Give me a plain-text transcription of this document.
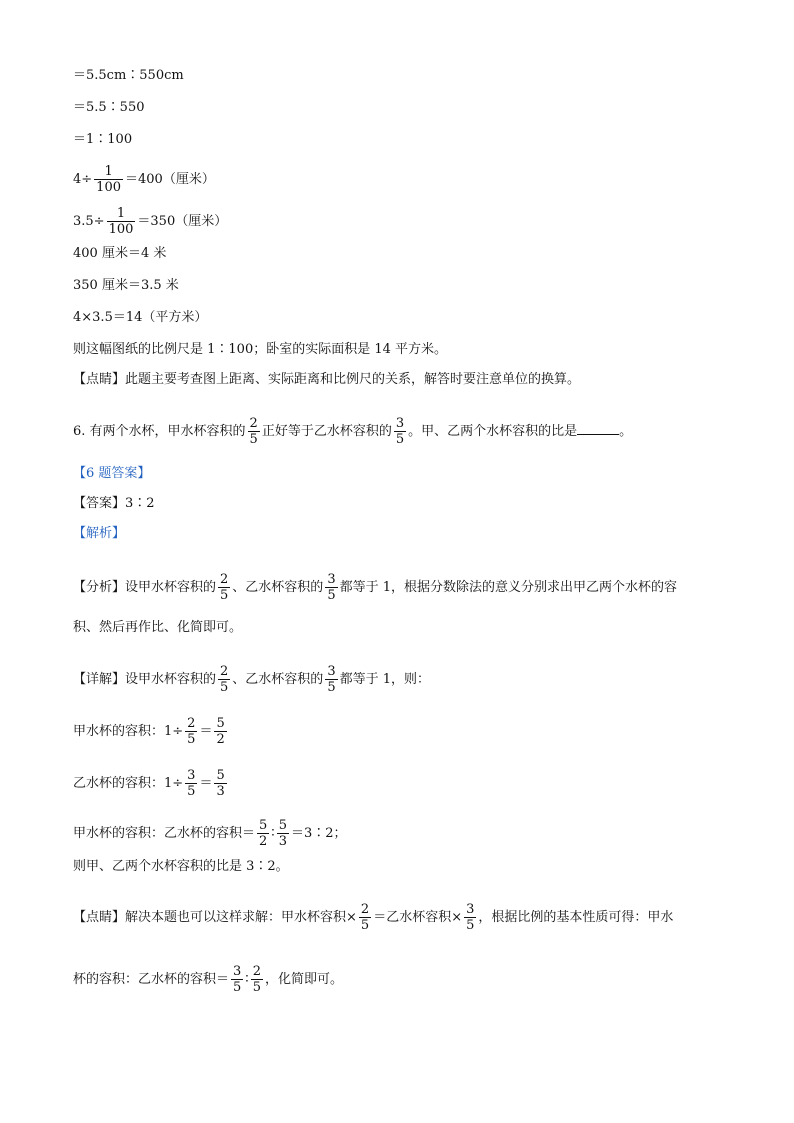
＝5.5cm∶550cm
＝5.5∶550
＝1∶100
$4\div \frac{1}{100} =400$（厘米）
$3.5\div \frac{1}{100} =350$（厘米）
400 厘米＝4 米
350 厘米＝3.5 米
4×3.5＝14（平方米）
则这幅图纸的比例尺是 1∶100；卧室的实际面积是 14 平方米。
【点睛】此题主要考查图上距离、实际距离和比例尺的关系，解答时要注意单位的换算。
6. 有两个水杯，甲水杯容积的 $\frac{2}{5}$ 正好等于乙水杯容积的 $\frac{3}{5}$ 。甲、乙两个水杯容积的比是	。
【6 题答案】
【答案】3∶2
【解析】
【分析】设甲水杯容积的 $\frac{2}{5}$ 、乙水杯容积的 $\frac{3}{5}$ 都等于 1，根据分数除法的意义分别求出甲乙两个水杯的容
积、然后再作比、化简即可。
【详解】设甲水杯容积的 $\frac{2}{5}$ 、乙水杯容积的 $\frac{3}{5}$ 都等于 1，则：
甲水杯的容积：$1\div \frac{2}{5} = \frac{5}{2}$
乙水杯的容积：$1\div \frac{3}{5} = \frac{5}{3}$
甲水杯的容积：乙水杯的容积＝ $\frac{5}{2}$ ∶ $\frac{5}{3}$ ＝3∶2；
则甲、乙两个水杯容积的比是 3∶2。
【点睛】解决本题也可以这样求解：甲水杯容积× $\frac{2}{5}$ ＝乙水杯容积× $\frac{3}{5}$ ，根据比例的基本性质可得：甲水
杯的容积：乙水杯的容积＝ $\frac{3}{5}$ ∶ $\frac{2}{5}$ ，化简即可。
